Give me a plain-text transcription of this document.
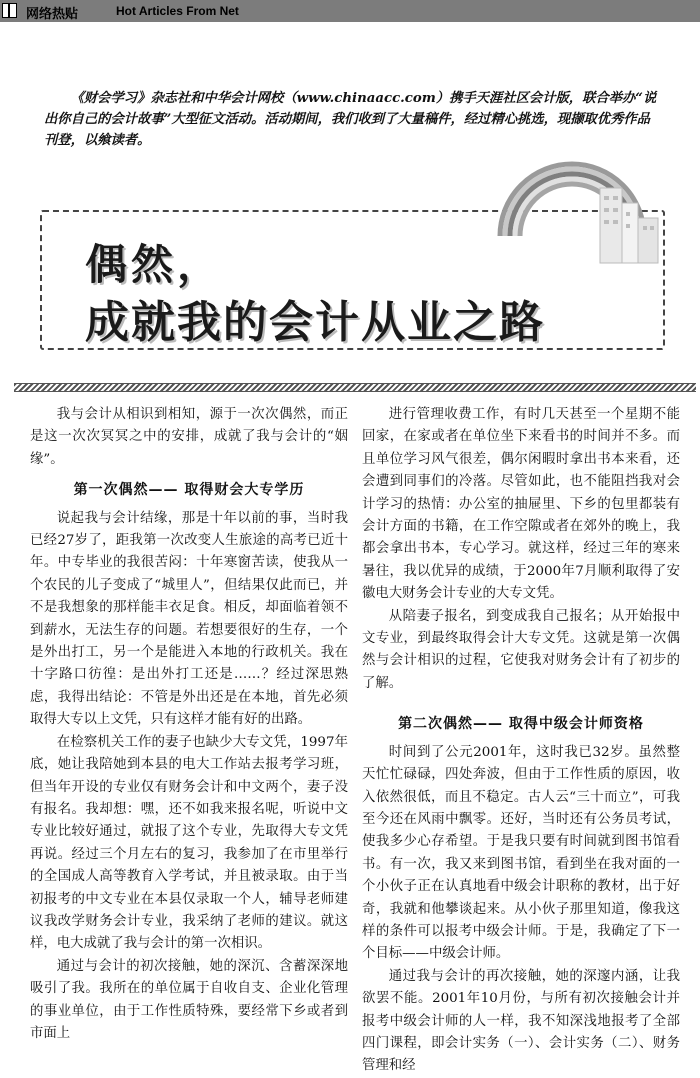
网络热贴	Hot Articles From Net
《财会学习》杂志社和中华会计网校（www.chinaacc.com）携手天涯社区会计版，联合举办“说出你自己的会计故事”大型征文活动。活动期间，我们收到了大量稿件，经过精心挑选，现撷取优秀作品刊登，以飨读者。
偶然，
成就我的会计从业之路

我与会计从相识到相知，源于一次次偶然，而正是这一次次冥冥之中的安排，成就了我与会计的“姻缘”。

第一次偶然—— 取得财会大专学历

说起我与会计结缘，那是十年以前的事，当时我已经27岁了，距我第一次改变人生旅途的高考已近十年。中专毕业的我很苦闷：十年寒窗苦读，使我从一个农民的儿子变成了“城里人”，但结果仅此而已，并不是我想象的那样能丰衣足食。相反，却面临着领不到薪水，无法生存的问题。若想要很好的生存，一个是外出打工，另一个是能进入本地的行政机关。我在十字路口彷徨：是出外打工还是……？经过深思熟虑，我得出结论：不管是外出还是在本地，首先必须取得大专以上文凭，只有这样才能有好的出路。

在检察机关工作的妻子也缺少大专文凭，1997年底，她让我陪她到本县的电大工作站去报考学习班，但当年开设的专业仅有财务会计和中文两个，妻子没有报名。我却想：嘿，还不如我来报名呢，听说中文专业比较好通过，就报了这个专业，先取得大专文凭再说。经过三个月左右的复习，我参加了在市里举行的全国成人高等教育入学考试，并且被录取。由于当初报考的中文专业在本县仅录取一个人，辅导老师建议我改学财务会计专业，我采纳了老师的建议。就这样，电大成就了我与会计的第一次相识。

通过与会计的初次接触，她的深沉、含蓄深深地吸引了我。我所在的单位属于自收自支、企业化管理的事业单位，由于工作性质特殊，要经常下乡或者到市面上

进行管理收费工作，有时几天甚至一个星期不能回家，在家或者在单位坐下来看书的时间并不多。而且单位学习风气很差，偶尔闲暇时拿出书本来看，还会遭到同事们的冷落。尽管如此，也不能阻挡我对会计学习的热情：办公室的抽屉里、下乡的包里都装有会计方面的书籍，在工作空隙或者在郊外的晚上，我都会拿出书本，专心学习。就这样，经过三年的寒来暑往，我以优异的成绩，于2000年7月顺利取得了安徽电大财务会计专业的大专文凭。

从陪妻子报名，到变成我自己报名；从开始报中文专业，到最终取得会计大专文凭。这就是第一次偶然与会计相识的过程，它使我对财务会计有了初步的了解。

第二次偶然—— 取得中级会计师资格

时间到了公元2001年，这时我已32岁。虽然整天忙忙碌碌，四处奔波，但由于工作性质的原因，收入依然很低，而且不稳定。古人云“三十而立”，可我至今还在风雨中飘零。还好，当时还有公务员考试，使我多少心存希望。于是我只要有时间就到图书馆看书。有一次，我又来到图书馆，看到坐在我对面的一个小伙子正在认真地看中级会计职称的教材，出于好奇，我就和他攀谈起来。从小伙子那里知道，像我这样的条件可以报考中级会计师。于是，我确定了下一个目标——中级会计师。

通过我与会计的再次接触，她的深邃内涵，让我欲罢不能。2001年10月份，与所有初次接触会计并报考中级会计师的人一样，我不知深浅地报考了全部四门课程，即会计实务（一）、会计实务（二）、财务管理和经
